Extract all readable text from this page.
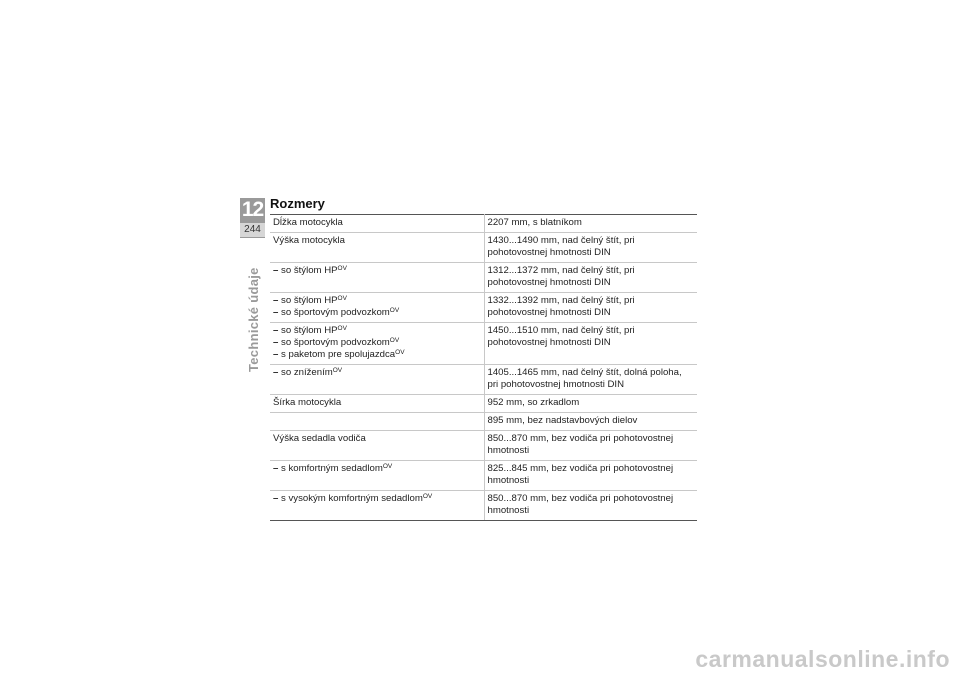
12
244
Technické údaje
Rozmery
Dĺžka motocykla	2207 mm, s blatníkom

Výška motocykla	1430...1490 mm, nad čelný štít, pri pohotovostnej hmotnosti DIN

– so štýlom $HP^{OV}$	1312...1372 mm, nad čelný štít, pri pohotovostnej hmotnosti DIN

– so štýlom $HP^{OV}$
– so športovým podvozkom$^{OV}$	1332...1392 mm, nad čelný štít, pri pohotovostnej hmotnosti DIN

– so štýlom $HP^{OV}$
– so športovým podvozkom$^{OV}$
– s paketom pre spolujazdca$^{OV}$	1450...1510 mm, nad čelný štít, pri pohotovostnej hmotnosti DIN

– so znížením$^{OV}$	1405...1465 mm, nad čelný štít, dolná poloha, pri pohotovostnej hmotnosti DIN

Šírka motocykla	952 mm, so zrkadlom
	895 mm, bez nadstavbových dielov

Výška sedadla vodiča	850...870 mm, bez vodiča pri pohotovostnej hmotnosti

– s komfortným sedadlom$^{OV}$	825...845 mm, bez vodiča pri pohotovostnej hmotnosti

– s vysokým komfortným sedadlom$^{OV}$	850...870 mm, bez vodiča pri pohotovostnej hmotnosti
carmanualsonline.info
